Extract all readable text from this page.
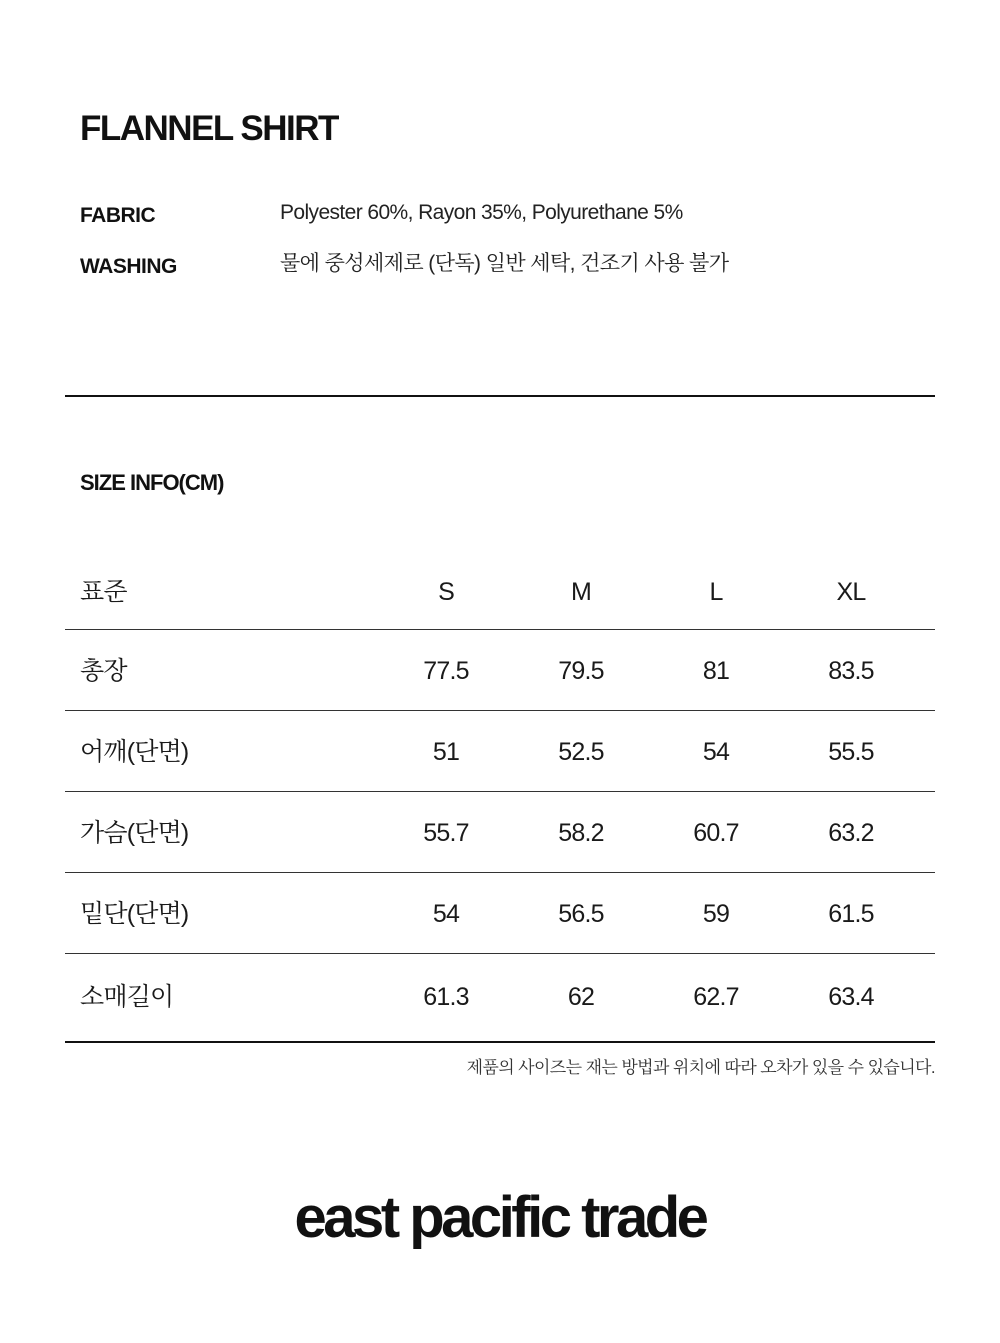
FLANNEL SHIRT
FABRIC	Polyester 60%, Rayon 35%, Polyurethane 5%
WASHING	물에 중성세제로 (단독) 일반 세탁, 건조기 사용 불가
SIZE INFO(CM)
표준	S	M	L	XL
총장	77.5	79.5	81	83.5
어깨(단면)	51	52.5	54	55.5
가슴(단면)	55.7	58.2	60.7	63.2
밑단(단면)	54	56.5	59	61.5
소매길이	61.3	62	62.7	63.4
제품의 사이즈는 재는 방법과 위치에 따라 오차가 있을 수 있습니다.
east pacific trade
